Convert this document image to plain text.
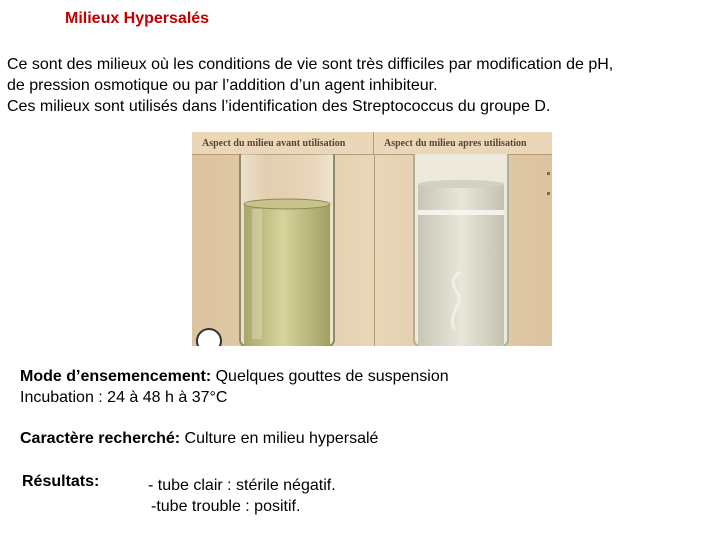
Milieux Hypersalés
Ce sont des milieux où les conditions de vie sont très difficiles par modification de pH,
de pression osmotique ou par l’addition d’un agent inhibiteur.
Ces milieux sont utilisés dans l’identification des Streptococcus du groupe D.
Aspect du milieu avant utilisation	Aspect du milieu apres utilisation
Mode d’ensemencement: Quelques gouttes de suspension
Incubation : 24 à 48 h à 37°C
Caractère recherché: Culture en milieu hypersalé
Résultats:	- tube clair : stérile négatif.
-tube trouble : positif.
